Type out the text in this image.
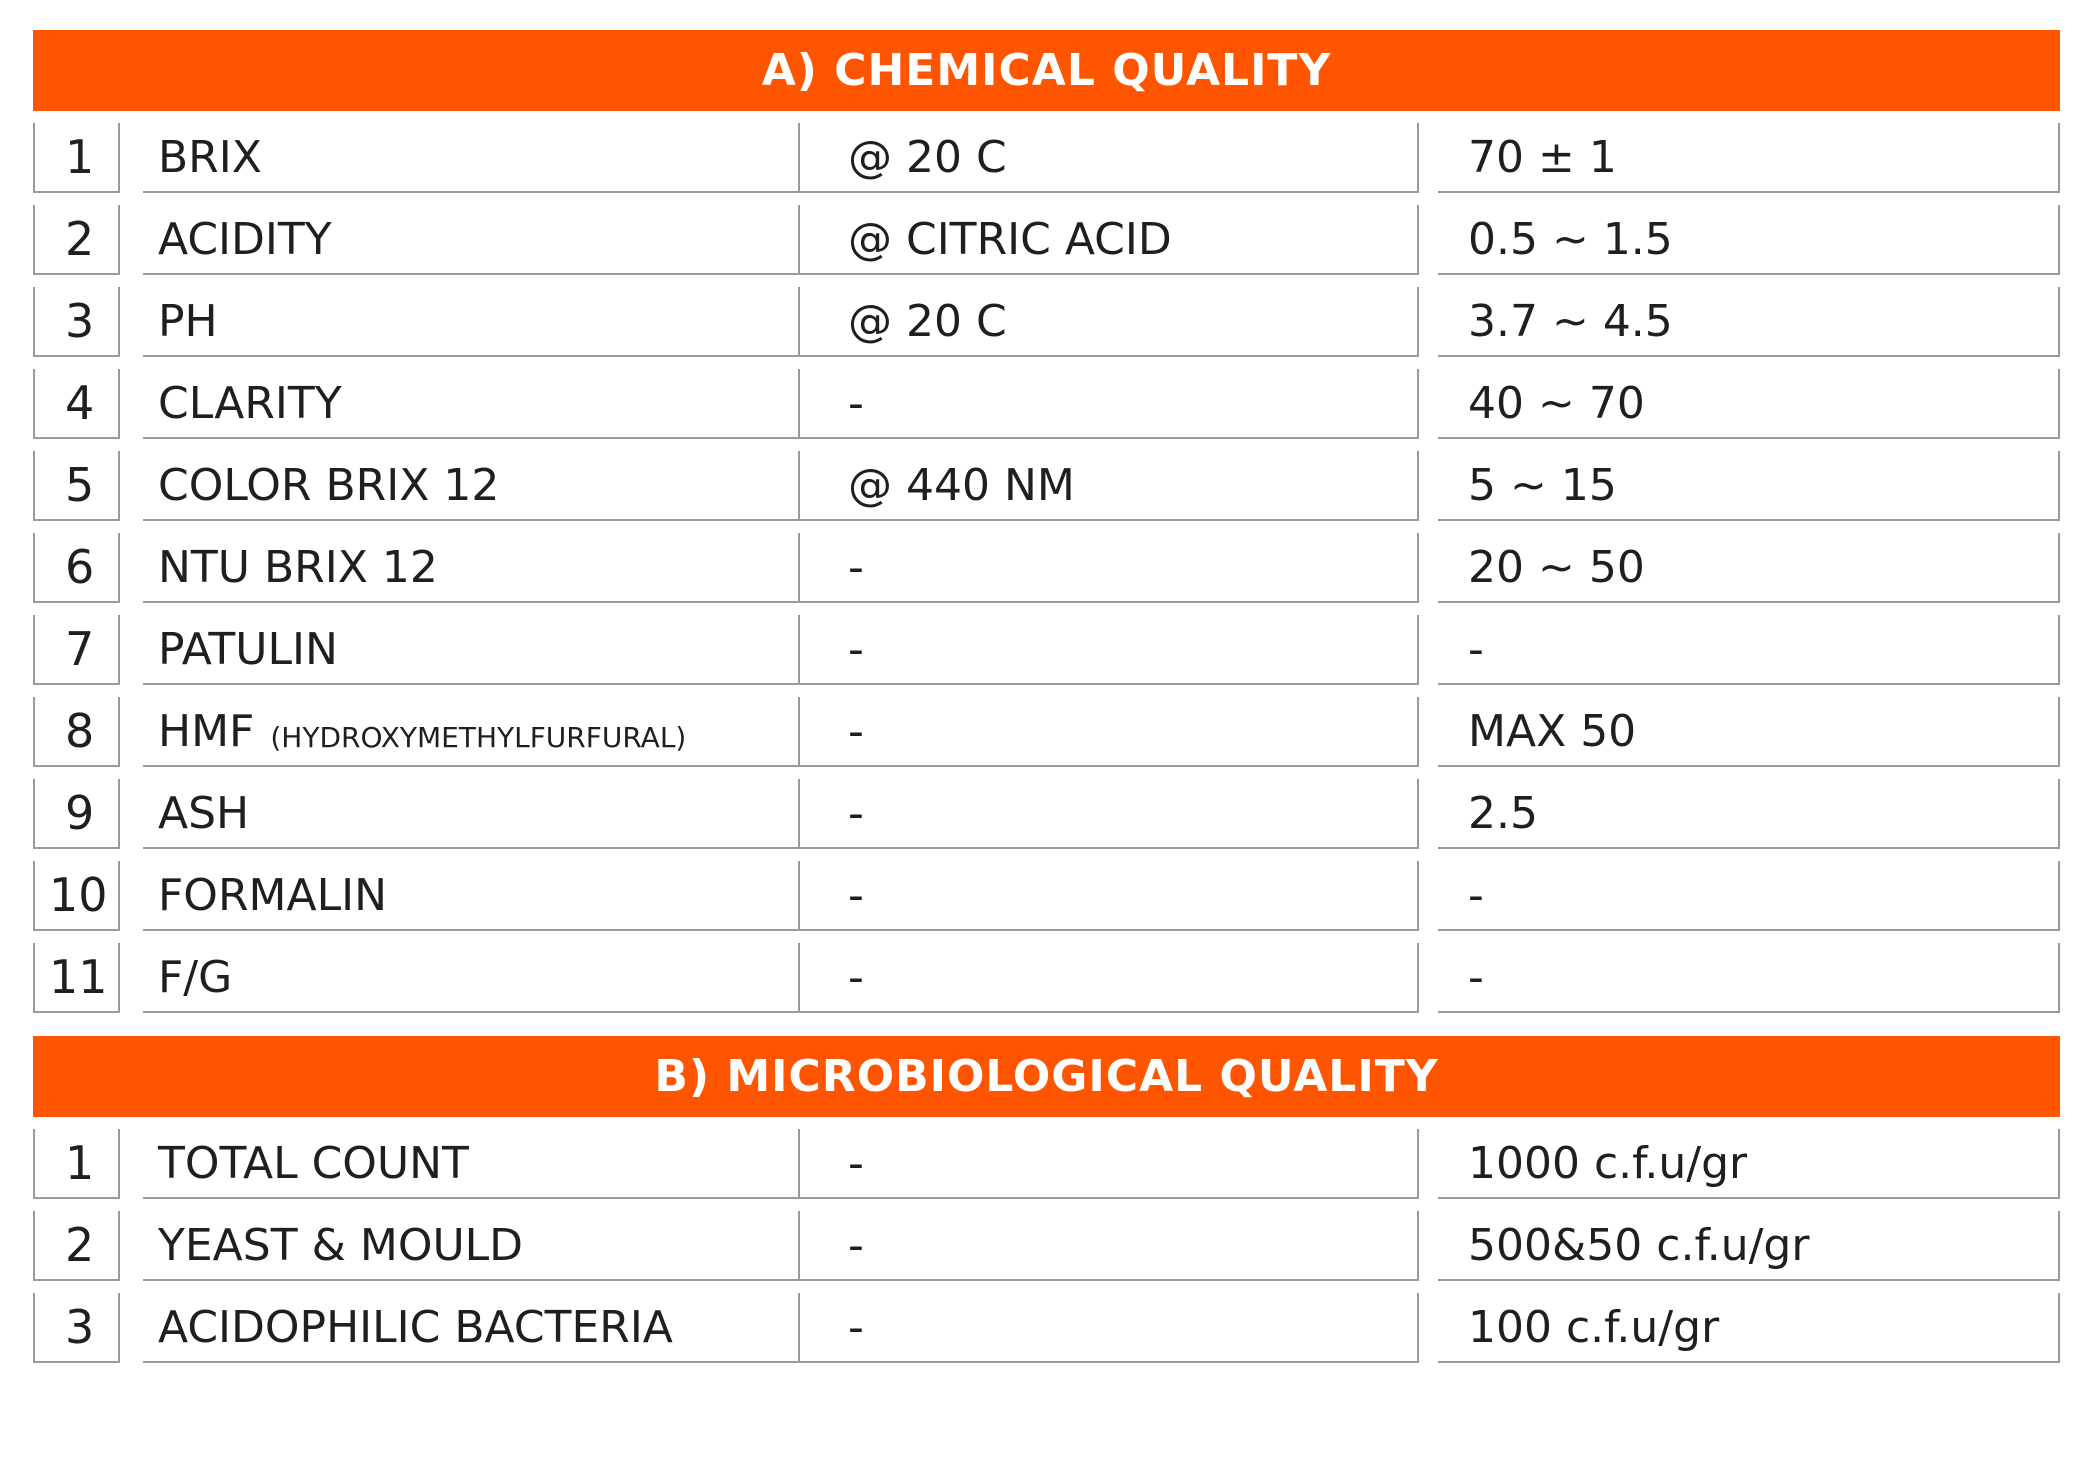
A) CHEMICAL QUALITY
1 BRIX	@ 20 C	70 ± 1
2 ACIDITY	@ CITRIC ACID	0.5 ~ 1.5
3 PH	@ 20 C	3.7 ~ 4.5
4 CLARITY	-	40 ~ 70
5 COLOR BRIX 12	@ 440 NM	5 ~ 15
6 NTU BRIX 12	-	20 ~ 50
7 PATULIN	-	-
8 HMF (HYDROXYMETHYLFURFURAL)	-	MAX 50
9 ASH	-	2.5
10 FORMALIN	-	-
11 F/G	-	-
B) MICROBIOLOGICAL QUALITY
1 TOTAL COUNT	-	1000 c.f.u/gr
2 YEAST & MOULD	-	500&50 c.f.u/gr
3 ACIDOPHILIC BACTERIA	-	100 c.f.u/gr
